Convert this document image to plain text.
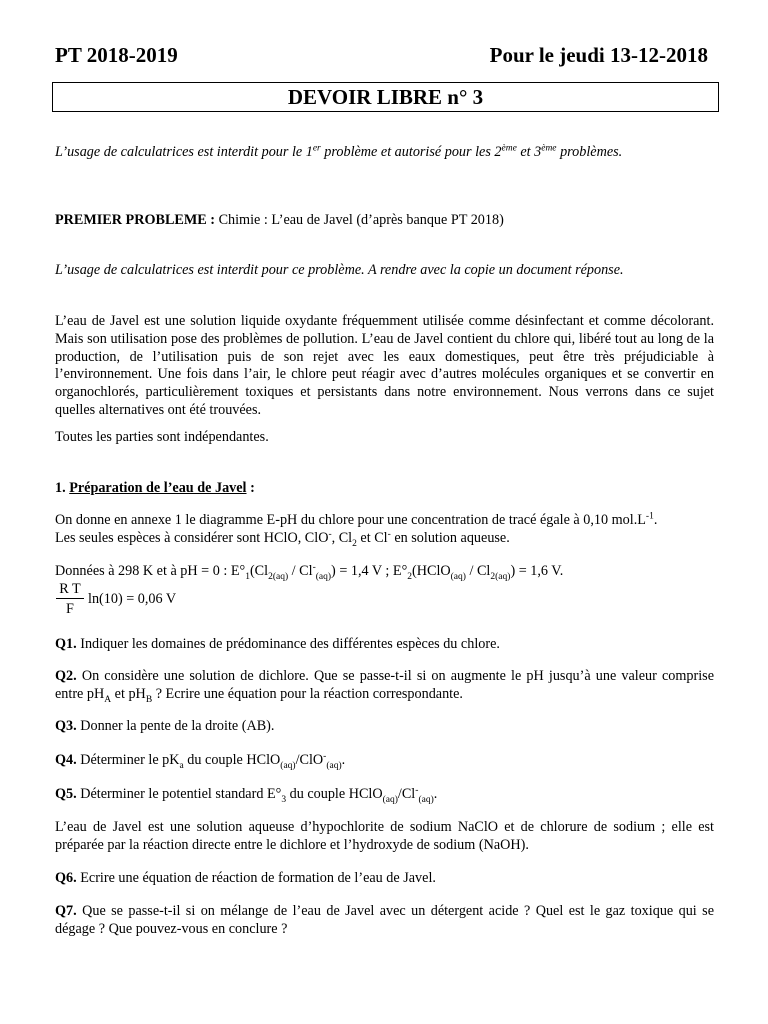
PT 2018-2019	Pour le jeudi 13-12-2018
DEVOIR LIBRE n° 3

L’usage de calculatrices est interdit pour le 1er problème et autorisé pour les 2ème et 3ème problèmes.

PREMIER PROBLEME : Chimie : L’eau de Javel (d’après banque PT 2018)

L’usage de calculatrices est interdit pour ce problème. A rendre avec la copie un document réponse.

L’eau de Javel est une solution liquide oxydante fréquemment utilisée comme désinfectant et comme décolorant. Mais son utilisation pose des problèmes de pollution. L’eau de Javel contient du chlore qui, libéré tout au long de la production, de l’utilisation puis de son rejet avec les eaux domestiques, peut être très préjudiciable à l’environnement. Une fois dans l’air, le chlore peut réagir avec d’autres molécules organiques et se convertir en organochlorés, particulièrement toxiques et persistants dans notre environnement. Nous verrons dans ce sujet quelles alternatives ont été trouvées.

Toutes les parties sont indépendantes.

1. Préparation de l’eau de Javel :

On donne en annexe 1 le diagramme E-pH du chlore pour une concentration de tracé égale à 0,10 $mol.L^{-1}$.
Les seules espèces à considérer sont HClO, ClO-, $Cl_2$ et Cl- en solution aqueuse.

Données à 298 K et à pH = 0 : $E^\circ_1(Cl_{2(aq)} / Cl^-_{(aq)}) = 1,4$ V ; $E^\circ_2(HClO_{(aq)} / Cl_{2(aq)}) = 1,6$ V.

$\frac{\text{R T}}{F} \ln(10) = 0,06$ V

Q1. Indiquer les domaines de prédominance des différentes espèces du chlore.

Q2. On considère une solution de dichlore. Que se passe-t-il si on augmente le pH jusqu’à une valeur comprise entre $pH_A$ et $pH_B$ ? Ecrire une équation pour la réaction correspondante.

Q3. Donner la pente de la droite (AB).

Q4. Déterminer le $pK_a$ du couple HClO$_{(aq)}$/ClO-$_{(aq)}$.

Q5. Déterminer le potentiel standard $E^\circ_3$ du couple $HClO_{(aq)}/Cl^-_{(aq)}$.

L’eau de Javel est une solution aqueuse d’hypochlorite de sodium NaClO et de chlorure de sodium ; elle est préparée par la réaction directe entre le dichlore et l’hydroxyde de sodium (NaOH).

Q6. Ecrire une équation de réaction de formation de l’eau de Javel.

Q7. Que se passe-t-il si on mélange de l’eau de Javel avec un détergent acide ? Quel est le gaz toxique qui se dégage ? Que pouvez-vous en conclure ?
